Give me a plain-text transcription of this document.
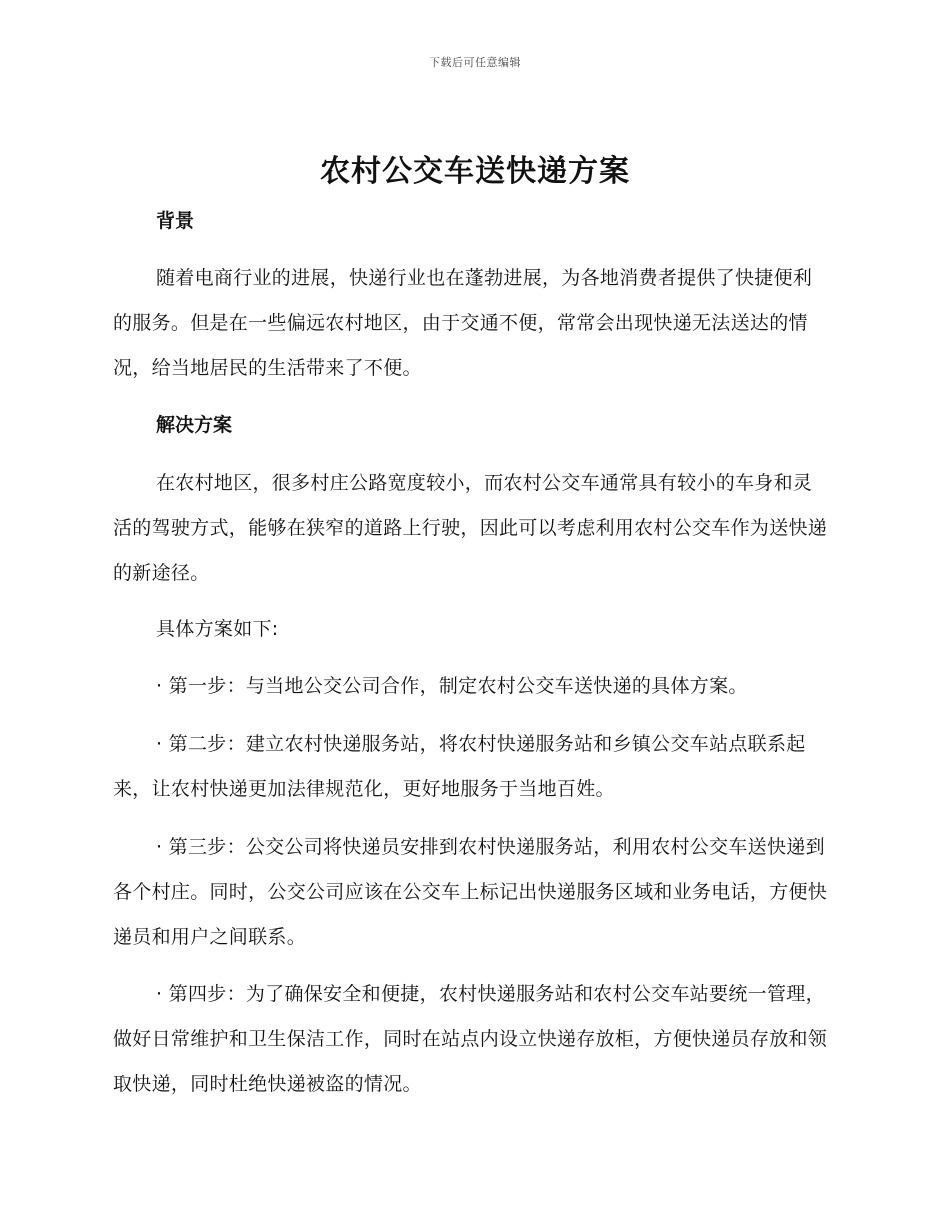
下载后可任意编辑
农村公交车送快递方案
背景

随着电商行业的进展，快递行业也在蓬勃进展，为各地消费者提供了快捷便利的服务。但是在一些偏远农村地区，由于交通不便，常常会出现快递无法送达的情况，给当地居民的生活带来了不便。

解决方案

在农村地区，很多村庄公路宽度较小，而农村公交车通常具有较小的车身和灵活的驾驶方式，能够在狭窄的道路上行驶，因此可以考虑利用农村公交车作为送快递的新途径。

具体方案如下:

· 第一步：与当地公交公司合作，制定农村公交车送快递的具体方案。

· 第二步：建立农村快递服务站，将农村快递服务站和乡镇公交车站点联系起来，让农村快递更加法律规范化，更好地服务于当地百姓。

· 第三步：公交公司将快递员安排到农村快递服务站，利用农村公交车送快递到各个村庄。同时，公交公司应该在公交车上标记出快递服务区域和业务电话，方便快递员和用户之间联系。

· 第四步：为了确保安全和便捷，农村快递服务站和农村公交车站要统一管理，做好日常维护和卫生保洁工作，同时在站点内设立快递存放柜，方便快递员存放和领取快递，同时杜绝快递被盗的情况。
